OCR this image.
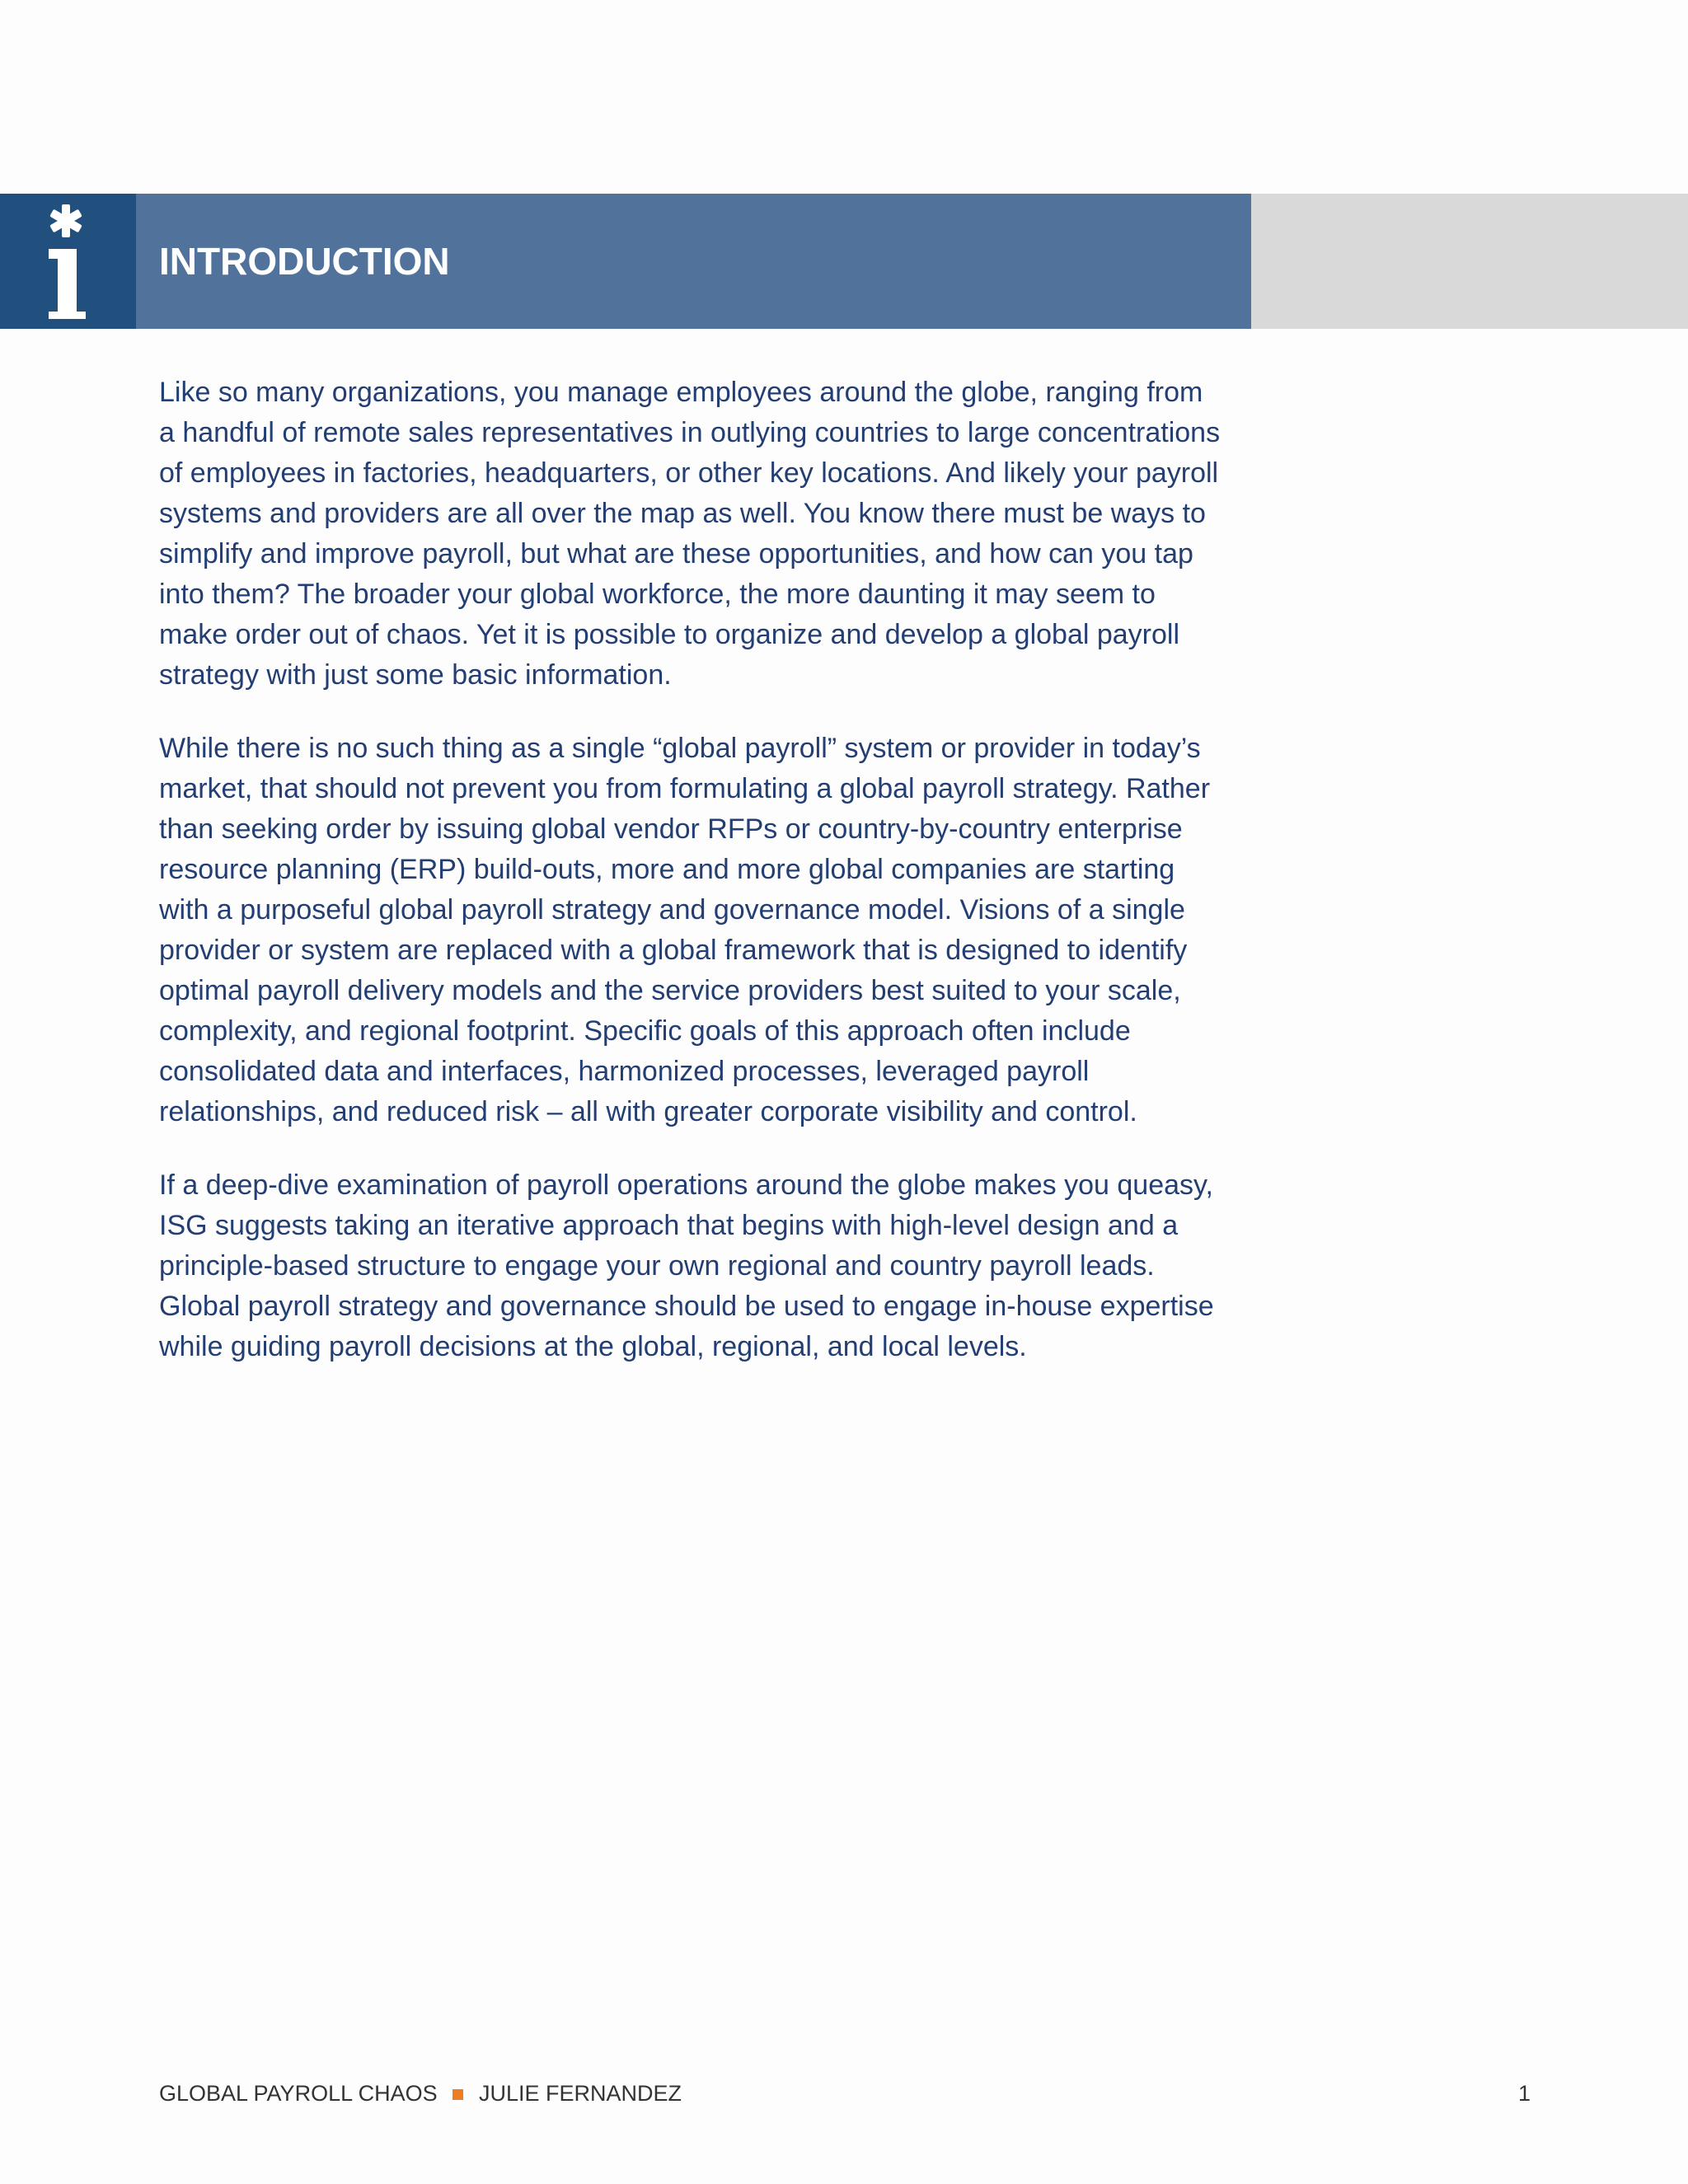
INTRODUCTION

Like so many organizations, you manage employees around the globe, ranging from a handful of remote sales representatives in outlying countries to large concentrations of employees in factories, headquarters, or other key locations. And likely your payroll systems and providers are all over the map as well. You know there must be ways to simplify and improve payroll, but what are these opportunities, and how can you tap into them? The broader your global workforce, the more daunting it may seem to make order out of chaos. Yet it is possible to organize and develop a global payroll strategy with just some basic information.

While there is no such thing as a single “global payroll” system or provider in today’s market, that should not prevent you from formulating a global payroll strategy. Rather than seeking order by issuing global vendor RFPs or country-by-country enterprise resource planning (ERP) build-outs, more and more global companies are starting with a purposeful global payroll strategy and governance model. Visions of a single provider or system are replaced with a global framework that is designed to identify optimal payroll delivery models and the service providers best suited to your scale, complexity, and regional footprint. Specific goals of this approach often include consolidated data and interfaces, harmonized processes, leveraged payroll relationships, and reduced risk – all with greater corporate visibility and control.

If a deep-dive examination of payroll operations around the globe makes you queasy, ISG suggests taking an iterative approach that begins with high-level design and a principle-based structure to engage your own regional and country payroll leads. Global payroll strategy and governance should be used to engage in-house expertise while guiding payroll decisions at the global, regional, and local levels.

GLOBAL PAYROLL CHAOS JULIE FERNANDEZ	1
